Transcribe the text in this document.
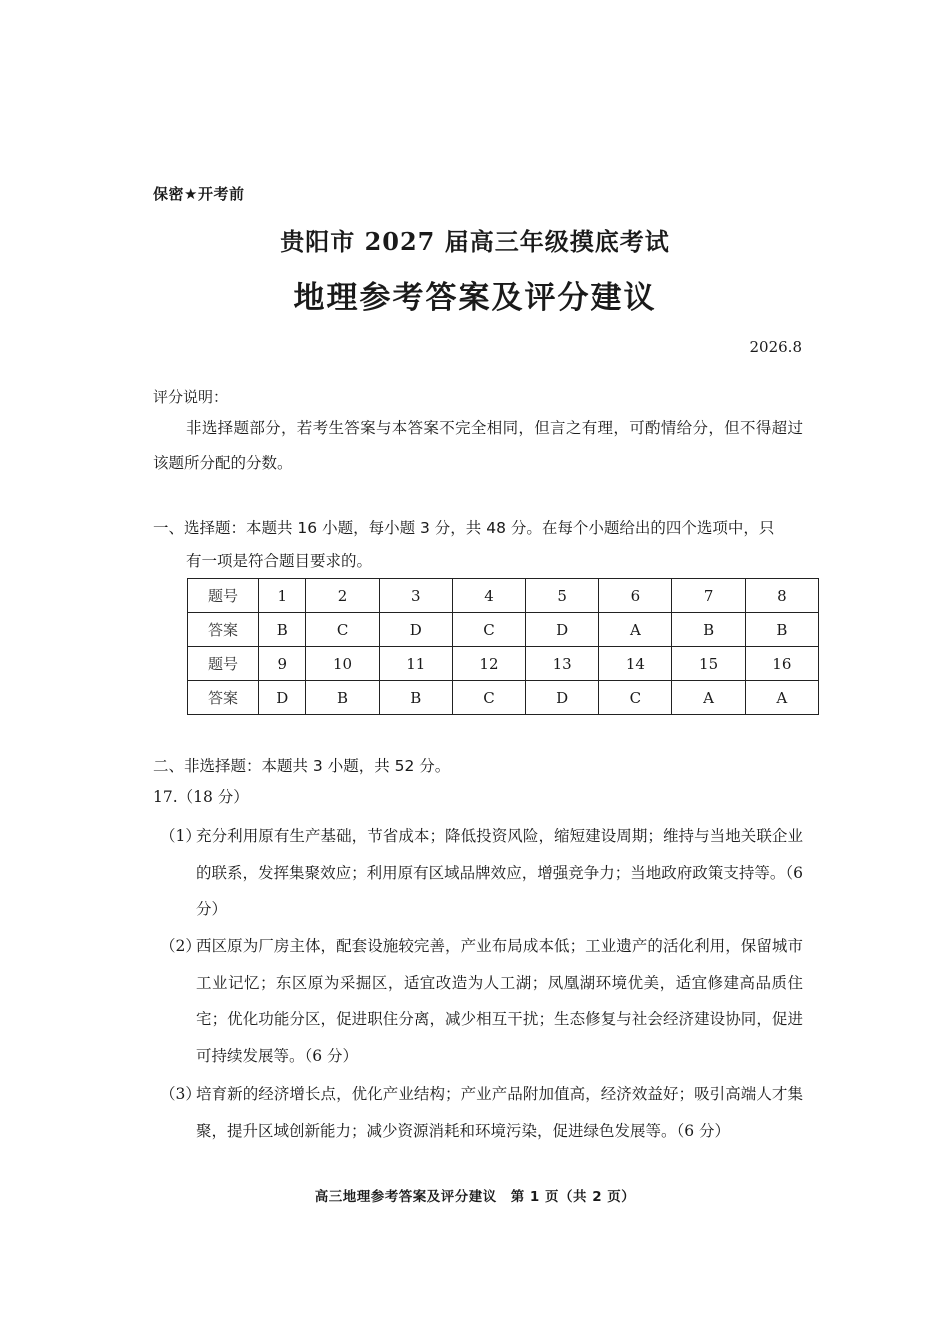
保密★开考前
贵阳市 2027 届高三年级摸底考试
地理参考答案及评分建议
2026.8
评分说明：
非选择题部分，若考生答案与本答案不完全相同，但言之有理，可酌情给分，但不得超过该题所分配的分数。
一、选择题：本题共 16 小题，每小题 3 分，共 48 分。在每个小题给出的四个选项中，只
有一项是符合题目要求的。
题号	1	2	3	4	5	6	7	8
答案	B	C	D	C	D	A	B	B
题号	9	10	11	12	13	14	15	16
答案	D	B	B	C	D	C	A	A
二、非选择题：本题共 3 小题，共 52 分。
17.（18 分）
（1）
充分利用原有生产基础，节省成本；降低投资风险，缩短建设周期；维持与当地关联企业的联系，发挥集聚效应；利用原有区域品牌效应，增强竞争力；当地政府政策支持等。（6 分）
（2）
西区原为厂房主体，配套设施较完善，产业布局成本低；工业遗产的活化利用，保留城市工业记忆；东区原为采掘区，适宜改造为人工湖；凤凰湖环境优美，适宜修建高品质住宅；优化功能分区，促进职住分离，减少相互干扰；生态修复与社会经济建设协同，促进可持续发展等。（6 分）
（3）
培育新的经济增长点，优化产业结构；产业产品附加值高，经济效益好；吸引高端人才集聚，提升区域创新能力；减少资源消耗和环境污染，促进绿色发展等。（6 分）
高三地理参考答案及评分建议　第 1 页（共 2 页）
